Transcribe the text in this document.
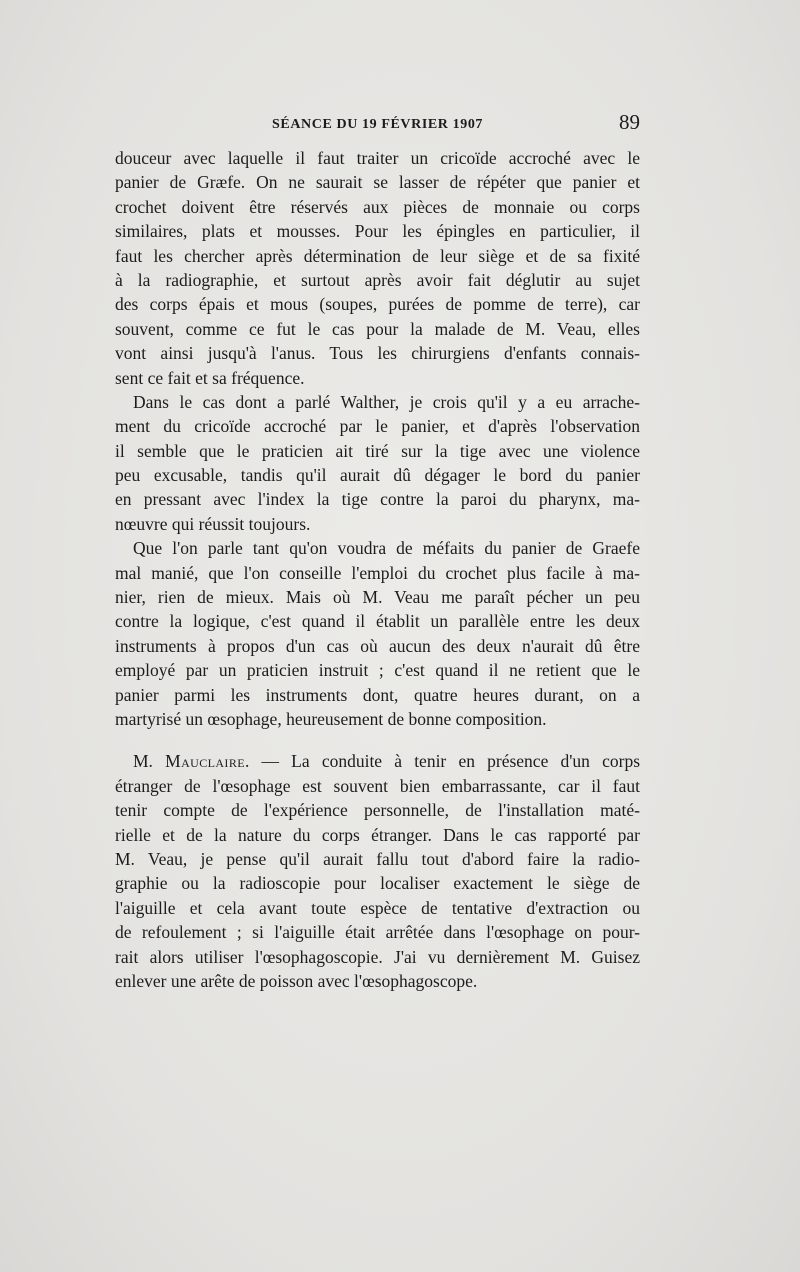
SÉANCE DU 19 FÉVRIER 1907	89
douceur avec laquelle il faut traiter un cricoïde accroché avec le
panier de Græfe. On ne saurait se lasser de répéter que panier et
crochet doivent être réservés aux pièces de monnaie ou corps
similaires, plats et mousses. Pour les épingles en particulier, il
faut les chercher après détermination de leur siège et de sa fixité
à la radiographie, et surtout après avoir fait déglutir au sujet
des corps épais et mous (soupes, purées de pomme de terre), car
souvent, comme ce fut le cas pour la malade de M. Veau, elles
vont ainsi jusqu'à l'anus. Tous les chirurgiens d'enfants connais-
sent ce fait et sa fréquence.
Dans le cas dont a parlé Walther, je crois qu'il y a eu arrache-
ment du cricoïde accroché par le panier, et d'après l'observation
il semble que le praticien ait tiré sur la tige avec une violence
peu excusable, tandis qu'il aurait dû dégager le bord du panier
en pressant avec l'index la tige contre la paroi du pharynx, ma-
nœuvre qui réussit toujours.
Que l'on parle tant qu'on voudra de méfaits du panier de Graefe
mal manié, que l'on conseille l'emploi du crochet plus facile à ma-
nier, rien de mieux. Mais où M. Veau me paraît pécher un peu
contre la logique, c'est quand il établit un parallèle entre les deux
instruments à propos d'un cas où aucun des deux n'aurait dû être
employé par un praticien instruit ; c'est quand il ne retient que le
panier parmi les instruments dont, quatre heures durant, on a
martyrisé un œsophage, heureusement de bonne composition.
M. Mauclaire. — La conduite à tenir en présence d'un corps
étranger de l'œsophage est souvent bien embarrassante, car il faut
tenir compte de l'expérience personnelle, de l'installation maté-
rielle et de la nature du corps étranger. Dans le cas rapporté par
M. Veau, je pense qu'il aurait fallu tout d'abord faire la radio-
graphie ou la radioscopie pour localiser exactement le siège de
l'aiguille et cela avant toute espèce de tentative d'extraction ou
de refoulement ; si l'aiguille était arrêtée dans l'œsophage on pour-
rait alors utiliser l'œsophagoscopie. J'ai vu dernièrement M. Guisez
enlever une arête de poisson avec l'œsophagoscope.
